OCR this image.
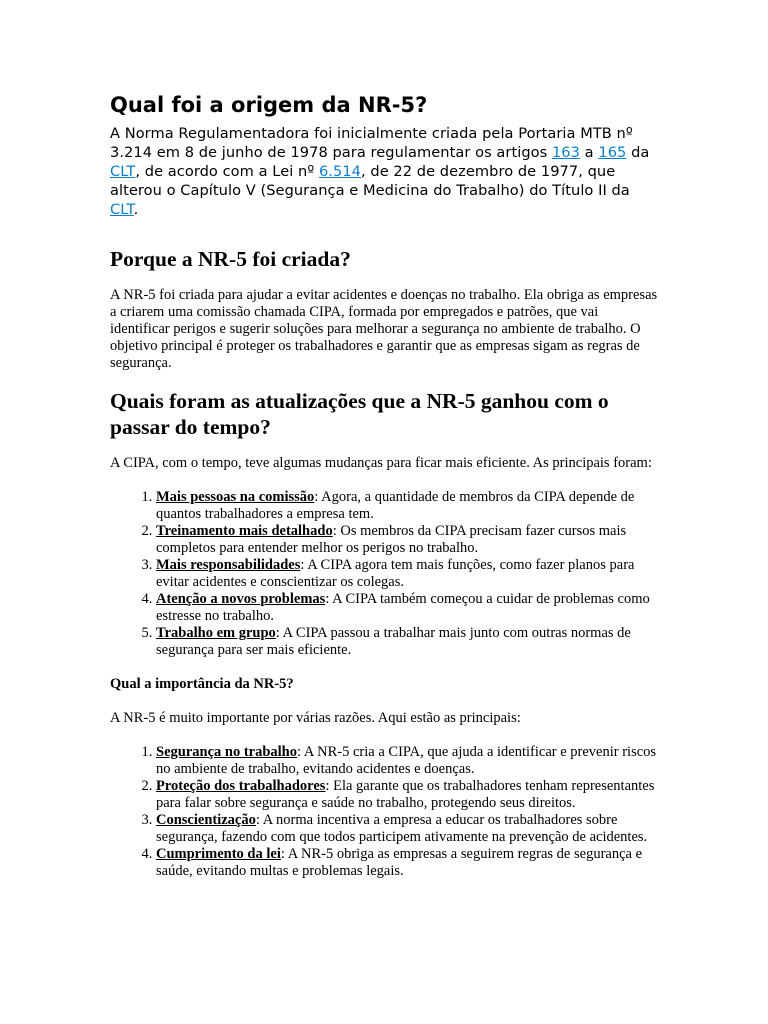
Qual foi a origem da NR-5?

A Norma Regulamentadora foi inicialmente criada pela Portaria MTB nº 3.214 em 8 de junho de 1978 para regulamentar os artigos 163 a 165 da CLT, de acordo com a Lei nº 6.514, de 22 de dezembro de 1977, que alterou o Capítulo V (Segurança e Medicina do Trabalho) do Título II da CLT.

Porque a NR-5 foi criada?

A NR-5 foi criada para ajudar a evitar acidentes e doenças no trabalho. Ela obriga as empresas a criarem uma comissão chamada CIPA, formada por empregados e patrões, que vai identificar perigos e sugerir soluções para melhorar a segurança no ambiente de trabalho. O objetivo principal é proteger os trabalhadores e garantir que as empresas sigam as regras de segurança.

Quais foram as atualizações que a NR-5 ganhou com o passar do tempo?

A CIPA, com o tempo, teve algumas mudanças para ficar mais eficiente. As principais foram:

1. Mais pessoas na comissão: Agora, a quantidade de membros da CIPA depende de quantos trabalhadores a empresa tem.
2. Treinamento mais detalhado: Os membros da CIPA precisam fazer cursos mais completos para entender melhor os perigos no trabalho.
3. Mais responsabilidades: A CIPA agora tem mais funções, como fazer planos para evitar acidentes e conscientizar os colegas.
4. Atenção a novos problemas: A CIPA também começou a cuidar de problemas como estresse no trabalho.
5. Trabalho em grupo: A CIPA passou a trabalhar mais junto com outras normas de segurança para ser mais eficiente.

Qual a importância da NR-5?

A NR-5 é muito importante por várias razões. Aqui estão as principais:

1. Segurança no trabalho: A NR-5 cria a CIPA, que ajuda a identificar e prevenir riscos no ambiente de trabalho, evitando acidentes e doenças.
2. Proteção dos trabalhadores: Ela garante que os trabalhadores tenham representantes para falar sobre segurança e saúde no trabalho, protegendo seus direitos.
3. Conscientização: A norma incentiva a empresa a educar os trabalhadores sobre segurança, fazendo com que todos participem ativamente na prevenção de acidentes.
4. Cumprimento da lei: A NR-5 obriga as empresas a seguirem regras de segurança e saúde, evitando multas e problemas legais.
